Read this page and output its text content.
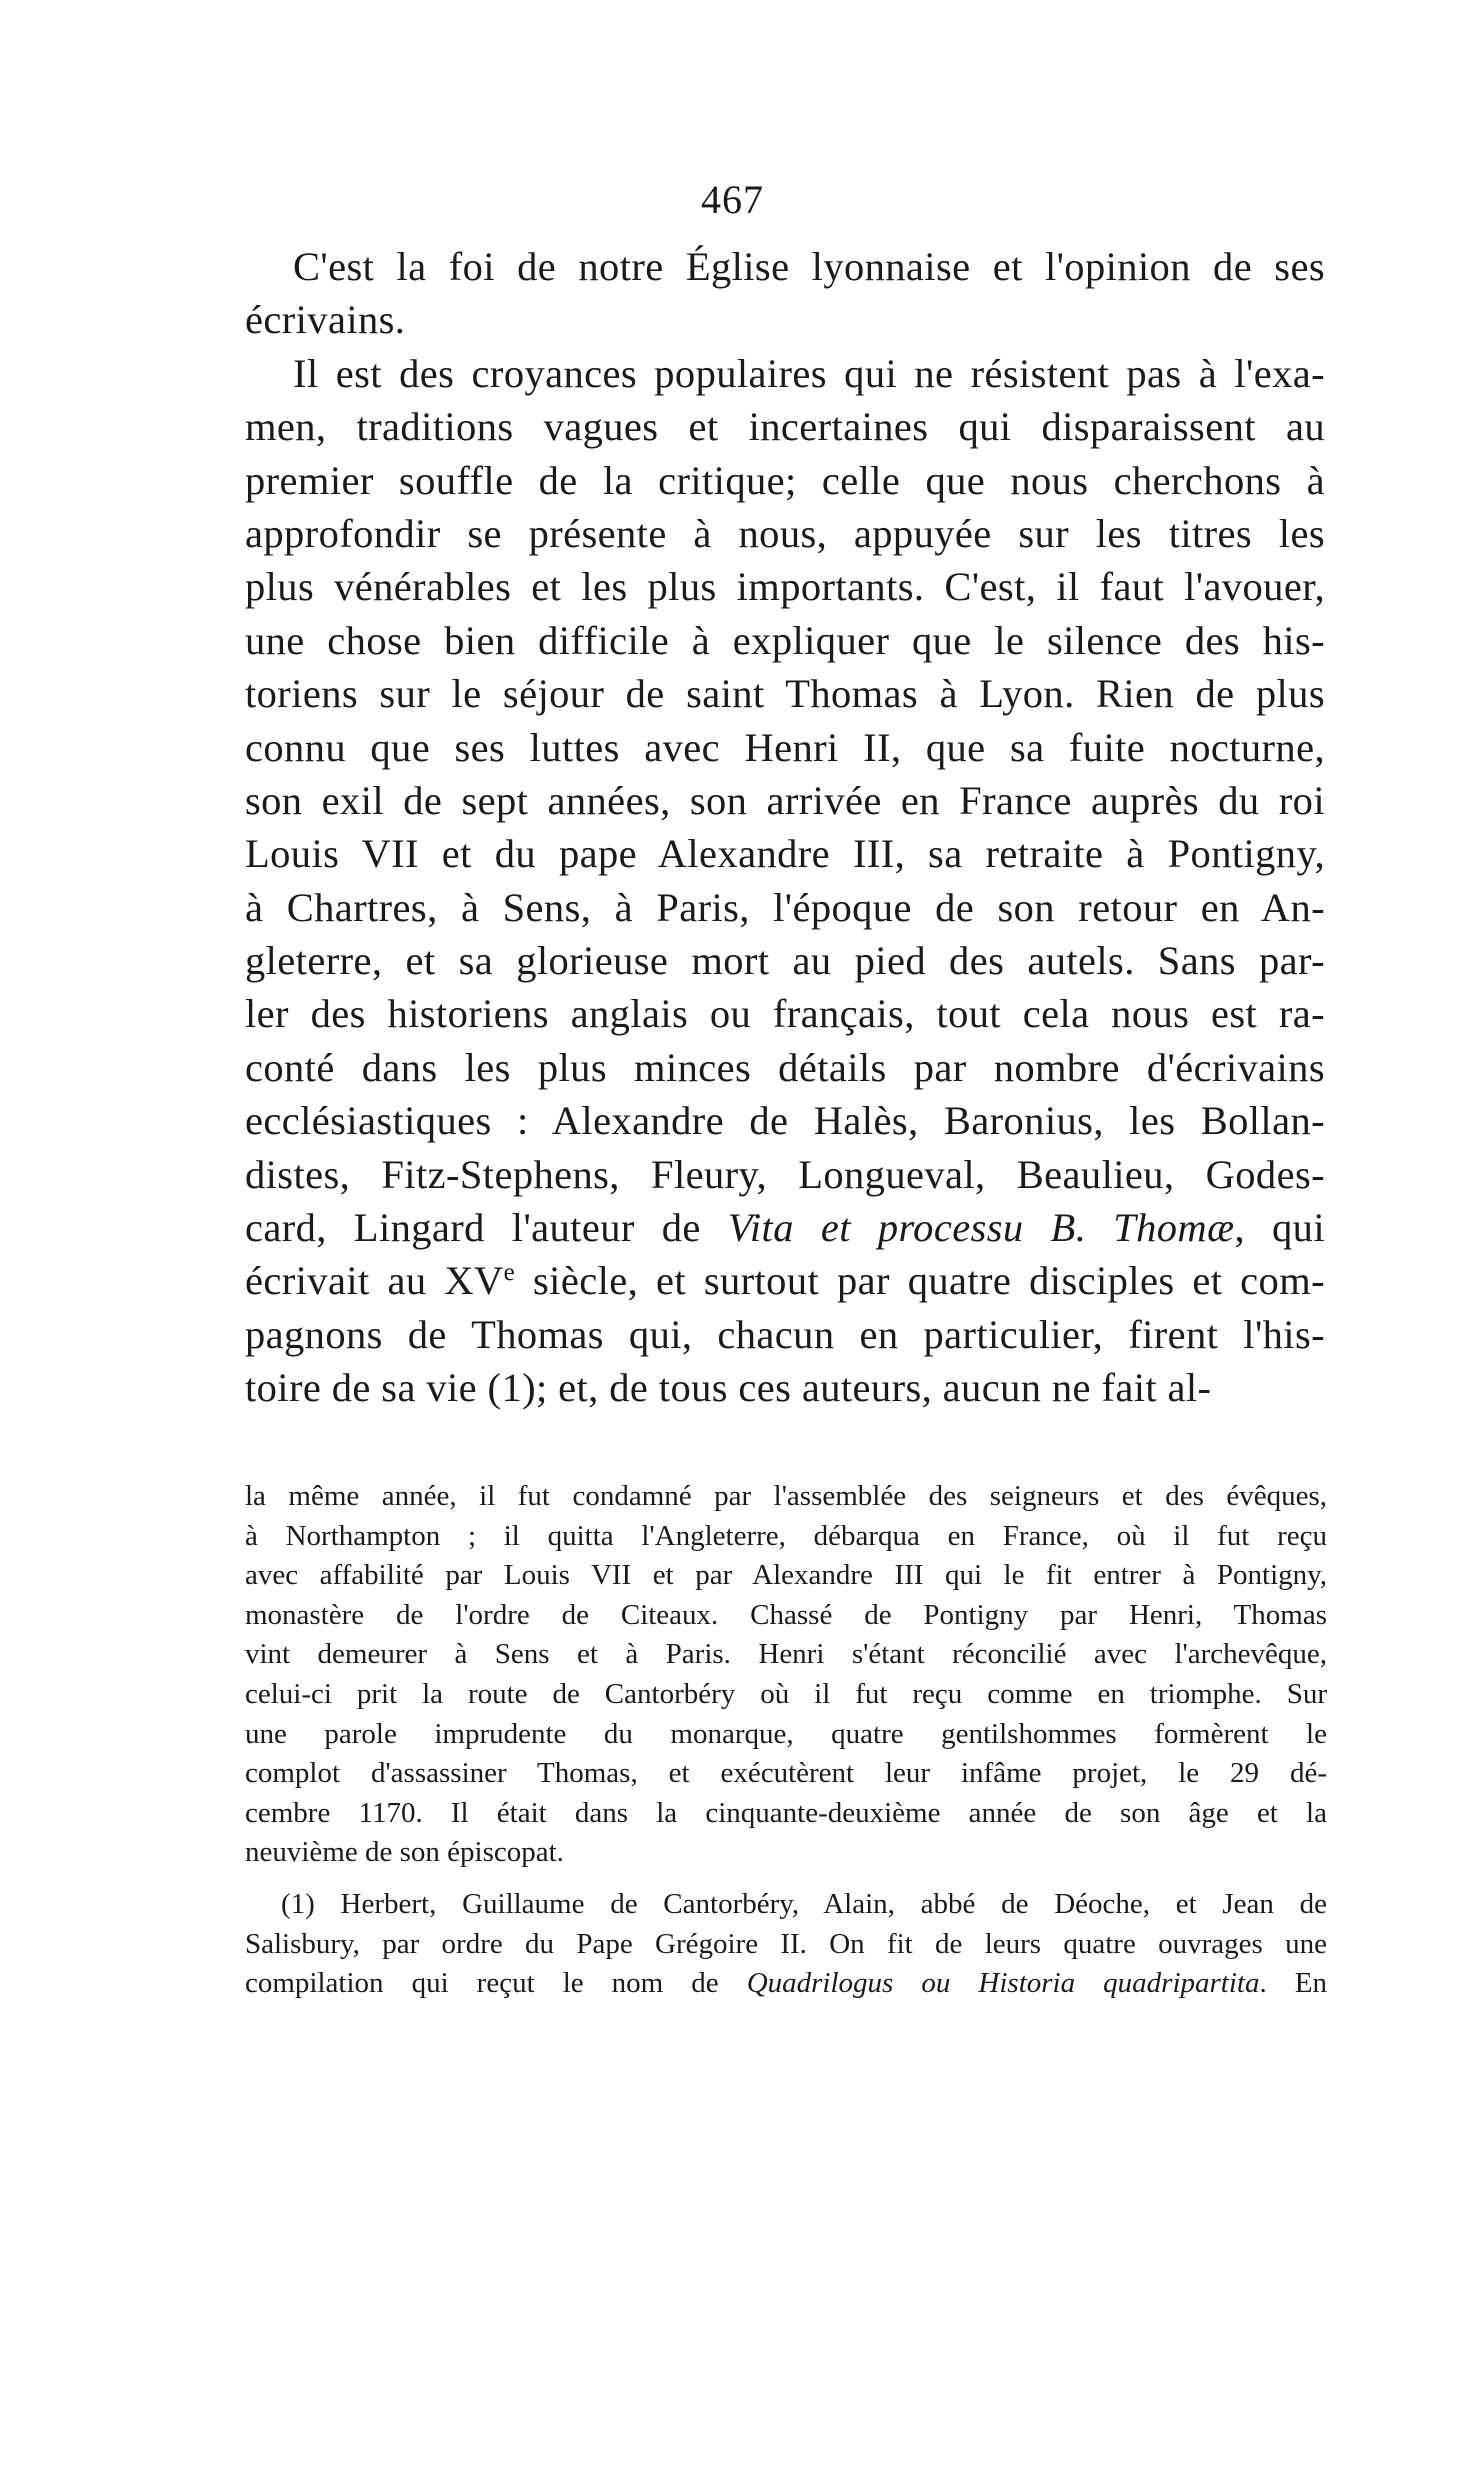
467
C'est la foi de notre Église lyonnaise et l'opinion de ses
écrivains.
Il est des croyances populaires qui ne résistent pas à l'exa-
men, traditions vagues et incertaines qui disparaissent au
premier souffle de la critique; celle que nous cherchons à
approfondir se présente à nous, appuyée sur les titres les
plus vénérables et les plus importants. C'est, il faut l'avouer,
une chose bien difficile à expliquer que le silence des his-
toriens sur le séjour de saint Thomas à Lyon. Rien de plus
connu que ses luttes avec Henri II, que sa fuite nocturne,
son exil de sept années, son arrivée en France auprès du roi
Louis VII et du pape Alexandre III, sa retraite à Pontigny,
à Chartres, à Sens, à Paris, l'époque de son retour en An-
gleterre, et sa glorieuse mort au pied des autels. Sans par-
ler des historiens anglais ou français, tout cela nous est ra-
conté dans les plus minces détails par nombre d'écrivains
ecclésiastiques : Alexandre de Halès, Baronius, les Bollan-
distes, Fitz-Stephens, Fleury, Longueval, Beaulieu, Godes-
card, Lingard l'auteur de Vita et processu B. Thomæ, qui
écrivait au XVe siècle, et surtout par quatre disciples et com-
pagnons de Thomas qui, chacun en particulier, firent l'his-
toire de sa vie (1); et, de tous ces auteurs, aucun ne fait al-
la même année, il fut condamné par l'assemblée des seigneurs et des évêques,
à Northampton ; il quitta l'Angleterre, débarqua en France, où il fut reçu
avec affabilité par Louis VII et par Alexandre III qui le fit entrer à Pontigny,
monastère de l'ordre de Citeaux. Chassé de Pontigny par Henri, Thomas
vint demeurer à Sens et à Paris. Henri s'étant réconcilié avec l'archevêque,
celui-ci prit la route de Cantorbéry où il fut reçu comme en triomphe. Sur
une parole imprudente du monarque, quatre gentilshommes formèrent le
complot d'assassiner Thomas, et exécutèrent leur infâme projet, le 29 dé-
cembre 1170. Il était dans la cinquante-deuxième année de son âge et la
neuvième de son épiscopat.
(1) Herbert, Guillaume de Cantorbéry, Alain, abbé de Déoche, et Jean de
Salisbury, par ordre du Pape Grégoire II. On fit de leurs quatre ouvrages une
compilation qui reçut le nom de Quadrilogus ou Historia quadripartita. En
